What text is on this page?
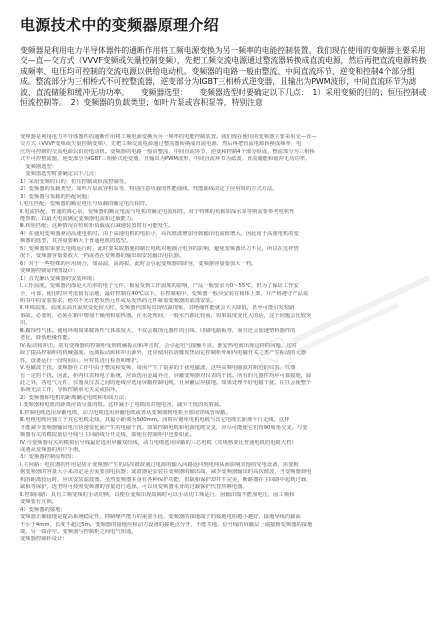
电源技术中的变频器原理介绍

变频器是利用电力半导体器件的通断作用将工频电源变换为另一频率的电能控制装置。我们现在使用的变频器主要采用交—直—交方式（VVVF变频或矢量控制变频），先把工频交流电源通过整流器转换成直流电源，然后再把直流电源转换成频率、电压均可控制的交流电源以供给电动机。变频器的电路一般由整流、中间直流环节、逆变和控制4个部分组成。整流部分为三相桥式不可控整流器，逆变部分为IGBT三相桥式逆变器，且输出为PWM波形，中间直流环节为滤波、直流储能和缓冲无功功率。　　变频器选型：　　变频器选型时要确定以下几点：　1）采用变频的目的；恒压控制或恒流控制等。　2）变频器的负载类型；如叶片泵或容积泵等，特别注意

变频器是利用电力半导体器件的通断作用将工频电源变换为另一频率的电能控制装置。我们现在使用的变频器主要采用交—直—
交方式（VVVF变频或矢量控制变频），先把工频交流电源通过整流器转换成直流电源，然后再把直流电源转换成频率、电
压均可控制的交流电源以供给电动机。变频器的电路一般由整流、中间直流环节、逆变和控制4个部分组成。整流部分为三相桥
式不可控整流器，逆变部分为IGBT三相桥式逆变器，且输出为PWM波形，中间直流环节为滤波、直流储能和缓冲无功功率。
　变频器选型：
　变频器选型时要确定以下几点：
1）采用变频的目的；恒压控制或恒流控制等。
2）变频器的负载类型；如叶片泵或容积泵等，特别注意负载的性能曲线，性能曲线决定了应用时的方式方法。
3）变频器与负载的匹配问题；
Ⅰ.电压匹配；变频器的额定电压与负载的额定电压相符。
Ⅱ.电流匹配；普通的离心泵，变频器的额定电流与电机的额定电流相符。对于特殊的负载如深水泵等则需要参考电机性
能参数，以最大电流确定变频器电流和过载能力。
Ⅲ.转矩匹配；这种情况在恒转矩负载或有减速装置时有可能发生。
4）在使用变频器驱动高速电机时，由于高速电机的电抗小，高次谐波增加导致输出电流值增大。因此用于高速电机的变
频器的选型，其容量要稍大于普通电机的选型。
5）变频器如果要长电缆运行时，此时要采取措施抑制长电缆对地耦合电容的影响，避免变频器出力不足，所以在这样情
况下，变频器容量要放大一档或者在变频器的输出端安装输出电抗器。
6）对于一些特殊的应用场合，如高温，高海拔，此时会引起变频器的降容，变频器容量要放大一档。
变频器控制原理图设计：
1）首先确认变频器的安装环境；
Ⅰ.工作温度。变频器内部是大功率的电子元件，极易受到工作温度的影响，产品一般要求为0～55℃，但为了保证工作安
全、可靠，使用时应考虑留有余地，最好控制在40℃以下。在控制箱中，变频器一般应安装在箱体上部，并严格遵守产品说
明书中的安装要求，绝对不允许把发热元件或易发热的元件紧靠变频器的底部安装。
Ⅱ.环境温度。温度太高且温度变化较大时，变频器内部易出现结露现象，其绝缘性能就会大大降低，甚至可能引发短路
事故。必要时，必须在箱中增加干燥剂和加热器。在水处理间，一般水汽都比较重，如果温度变化大的话，这个问题会比较突
出。
Ⅲ.腐蚀性气体。使用环境如果腐蚀性气体浓度大，不仅会腐蚀元器件的引线、印刷电路板等，而且还会加速塑料器件的
老化，降低绝缘性能。
Ⅳ.振动和冲击。装有变频器的控制柜受到机械振动和冲击时，会引起电气接触不良。淮安热电就出现这样的问题。这时
除了提高控制柜的机械强度、远离振动源和冲击源外，还应使用抗震橡皮垫固定控制柜外和内电磁开关之类产生振动的元器
件。设备运行一段时间后，应对其进行检查和维护。
Ⅴ.电磁波干扰。变频器在工作中由于整流和变频，周围产生了很多的干扰电磁波，这些高频电磁波对附近的仪表、仪器
有一定的干扰。因此，柜内仪表和电子系统，应该选用金属外壳，屏蔽变频器对仪表的干扰。所有的元器件均应可靠接地，除
此之外，各电气元件、仪器及仪表之间的连线应选用屏蔽控制电缆，且屏蔽层应接地。如果处理不好电磁干扰，往往会使整个
系统无法工作，导致控制单元失灵或损坏。
2）变频器和电机的距离确定电缆和布线方法；
Ⅰ.变频器和电机的距离应该尽量的短。这样减小了电缆的对地电容，减少干扰的发射源。
Ⅱ.控制电缆选用屏蔽电缆，动力电缆选用屏蔽电缆或者从变频器到电机全部用穿线管屏蔽。
Ⅲ.电机电缆应独立于其它电缆走线，其最小距离为500mm。同时应避免电机电缆与其它电缆长距离平行走线，这样
才能减少变频器输出电压快速变化而产生的电磁干扰。如果控制电缆和电源电缆交叉，应尽可能使它们按90度角交叉。与变
频器有关的模拟量信号线与主回路线分开走线，即使在控制柜中也要如此。
Ⅳ.与变频器有关的模拟信号线最好选用屏蔽双绞线，动力电缆选用屏蔽的三芯电缆（其规格要比普通电机的电缆大档）
或遵从变频器的用户手册。
3）变频器控制原理图；
Ⅰ.主回路：电抗器的作用是防止变频器产生的高次谐波通过电源的输入回路返回到电网从而影响其他的受电设备，需要根
据变频器的容量大小来决定是否需要加电抗器；滤波器是安装在变频器的输出端，减少变频器输出的高次谐波，当变频器到电
机的距离较远时，应该安装滤波器。虽然变频器本身有各种保护功能，但缺相保护却并不完美，断路器在主回路中起到过载，
缺相等保护，选型时可按照变频器的容量进行选择。可以用变频器本身的过载保护代替热继电器。
Ⅱ.控制回路：具有工频变频的手动切换，以便在变频出现故障时可以手动切工频运行，因输出端不能加电压，固工频和
变频要有互锁。
4）变频器的接地；
变频器正确接地是提高系统稳定性，抑制噪声能力的重要手段。变频器的接地端子的接地电阻越小越好，接地导线的截面
不小于4mm，长度不超过5m。变频器的接地应和动力设备的接地点分开，不能共地。信号线的屏蔽层一端接到变频器的接地
端，另一端浮空。变频器与控制柜之间电气相通。
变频器控制柜设计：
